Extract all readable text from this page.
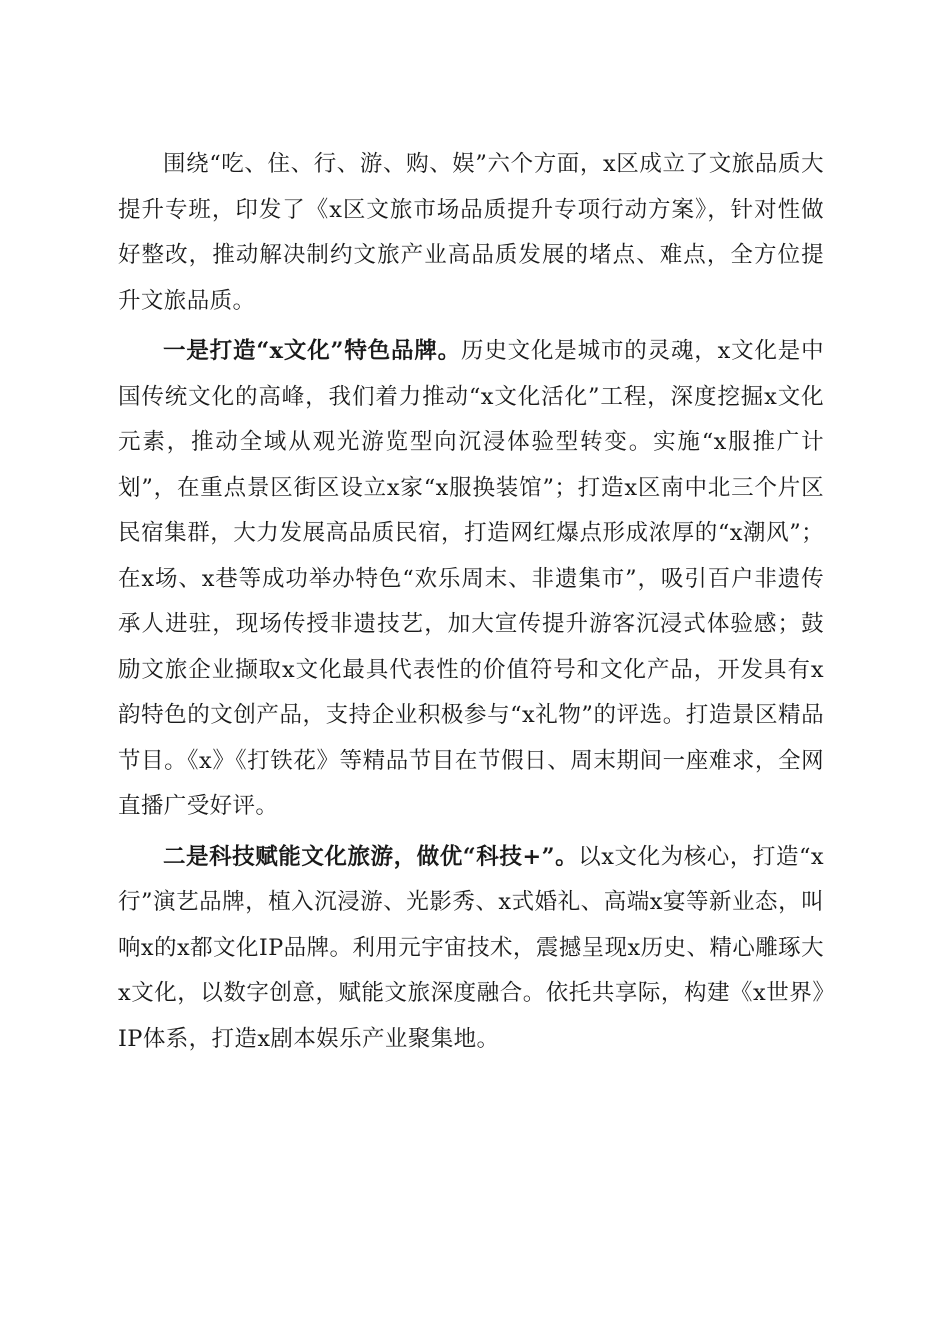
围绕“吃、住、行、游、购、娱”六个方面，x区成立了文旅品质大提升专班，印发了《x区文旅市场品质提升专项行动方案》，针对性做好整改，推动解决制约文旅产业高品质发展的堵点、难点，全方位提升文旅品质。

一是打造“x文化”特色品牌。历史文化是城市的灵魂，x文化是中国传统文化的高峰，我们着力推动“x文化活化”工程，深度挖掘x文化元素，推动全域从观光游览型向沉浸体验型转变。实施“x服推广计划”，在重点景区街区设立x家“x服换装馆”；打造x区南中北三个片区民宿集群，大力发展高品质民宿，打造网红爆点形成浓厚的“x潮风”；在x场、x巷等成功举办特色“欢乐周末、非遗集市”，吸引百户非遗传承人进驻，现场传授非遗技艺，加大宣传提升游客沉浸式体验感；鼓励文旅企业撷取x文化最具代表性的价值符号和文化产品，开发具有x韵特色的文创产品，支持企业积极参与“x礼物”的评选。打造景区精品节目。《x》《打铁花》等精品节目在节假日、周末期间一座难求，全网直播广受好评。

二是科技赋能文化旅游，做优“科技+”。以x文化为核心，打造“x行”演艺品牌，植入沉浸游、光影秀、x式婚礼、高端x宴等新业态，叫响x的x都文化IP品牌。利用元宇宙技术，震撼呈现x历史、精心雕琢大x文化，以数字创意，赋能文旅深度融合。依托共享际，构建《x世界》IP体系，打造x剧本娱乐产业聚集地。
